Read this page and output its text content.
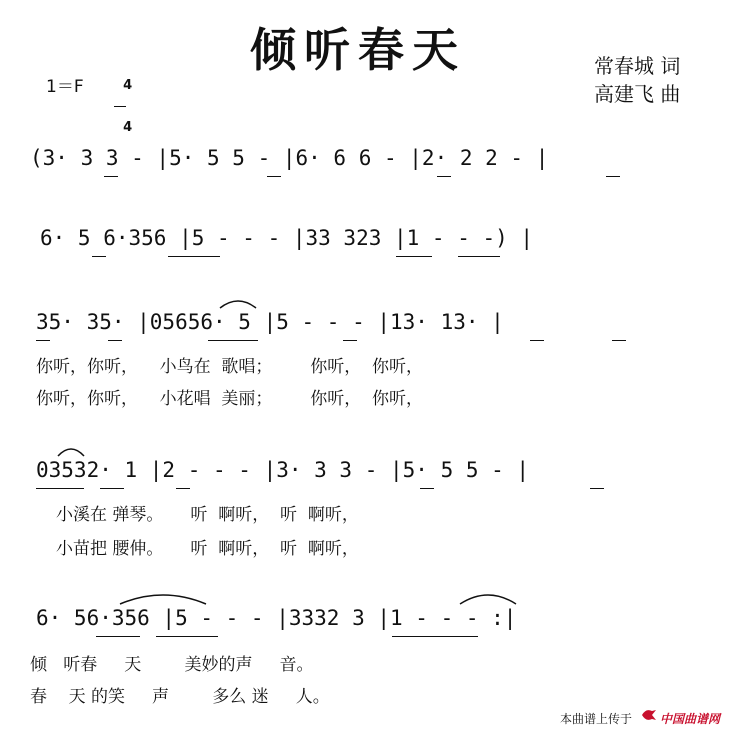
倾听春天	常春城 词
高建飞 曲
1＝F	4

4

(3· 3 3 - |5· 5 5 - |6· 6 6 - |2· 2 2 - |
6· 5 6·356 |5 - - - |33 323 |1 - - -) |
35· 35· |05656· 5 |5 - - - |13· 13· |
你听，你听，    小鸟在  歌唱；       你听，  你听，
你听，你听，    小花唱  美丽；       你听，  你听，
03532· 1 |2 - - - |3· 3 3 - |5· 5 5 - |
小溪在 弹琴。     听  啊听，  听  啊听，
小苗把 腰伸。     听  啊听，  听  啊听，
6· 56·356 |5 - - - |3332 3 |1 - - - :|
倾   听春     天        美妙的声     音。
春    天 的笑     声        多么 迷     人。
本曲谱上传于 中国曲谱网
